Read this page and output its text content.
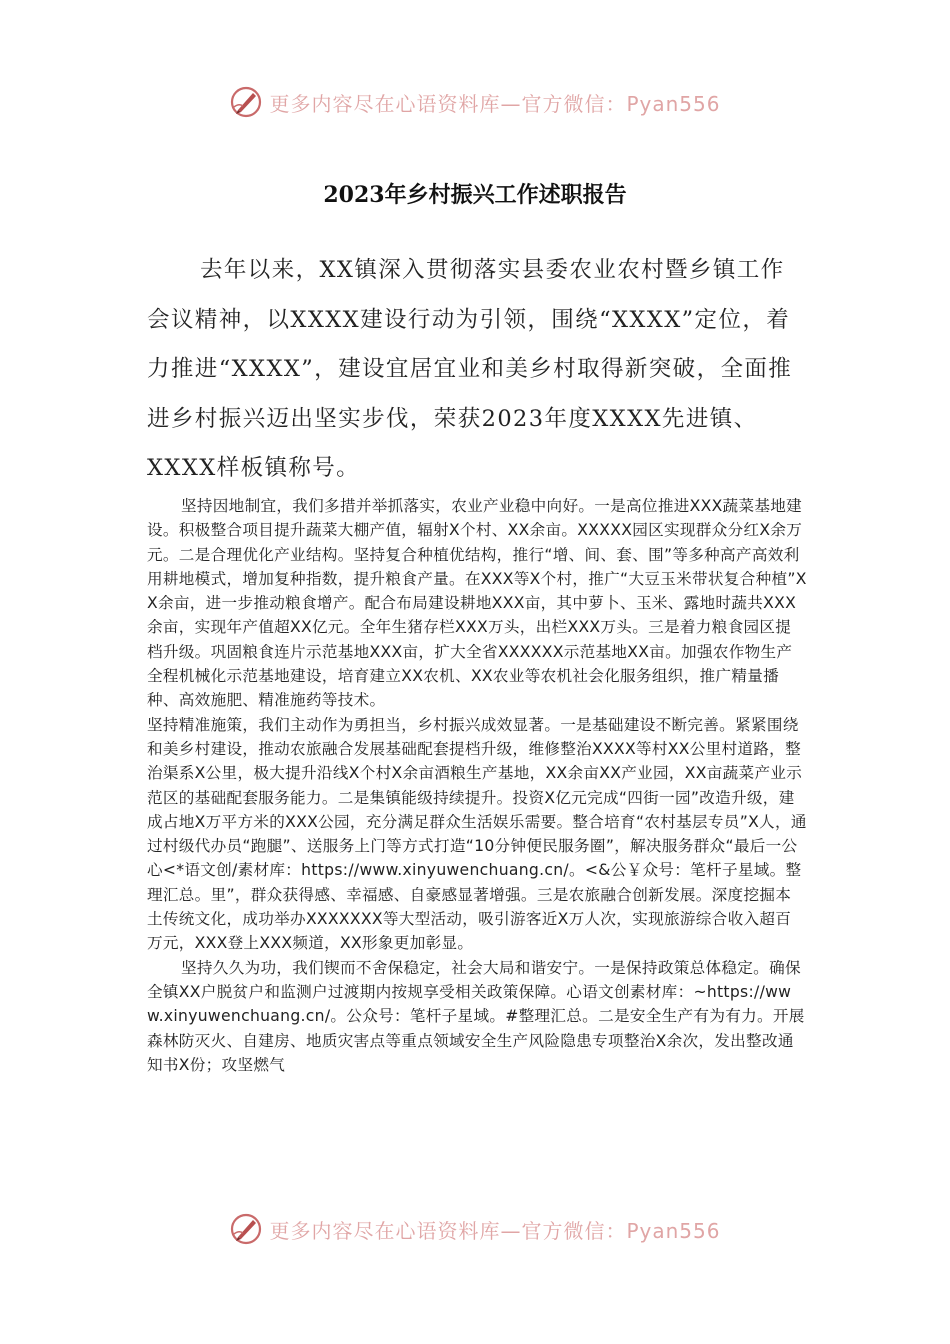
更多内容尽在心语资料库—官方微信：Pyan556
2023年乡村振兴工作述职报告

去年以来，XX镇深入贯彻落实县委农业农村暨乡镇工作会议精神，以XXXX建设行动为引领，围绕“XXXX”定位，着力推进“XXXX”，建设宜居宜业和美乡村取得新突破，全面推进乡村振兴迈出坚实步伐，荣获2023年度XXXX先进镇、XXXX样板镇称号。

坚持因地制宜，我们多措并举抓落实，农业产业稳中向好。一是高位推进XXX蔬菜基地建设。积极整合项目提升蔬菜大棚产值，辐射X个村、XX余亩。XXXXX园区实现群众分红X余万元。二是合理优化产业结构。坚持复合种植优结构，推行“增、间、套、围”等多种高产高效利用耕地模式，增加复种指数，提升粮食产量。在XXX等X个村，推广“大豆玉米带状复合种植”XX余亩，进一步推动粮食增产。配合布局建设耕地XXX亩，其中萝卜、玉米、露地时蔬共XXX余亩，实现年产值超XX亿元。全年生猪存栏XXX万头，出栏XXX万头。三是着力粮食园区提档升级。巩固粮食连片示范基地XXX亩，扩大全省XXXXXX示范基地XX亩。加强农作物生产全程机械化示范基地建设，培育建立XX农机、XX农业等农机社会化服务组织，推广精量播种、高效施肥、精准施药等技术。

坚持精准施策，我们主动作为勇担当，乡村振兴成效显著。一是基础建设不断完善。紧紧围绕和美乡村建设，推动农旅融合发展基础配套提档升级，维修整治XXXX等村XX公里村道路，整治渠系X公里，极大提升沿线X个村X余亩酒粮生产基地，XX余亩XX产业园，XX亩蔬菜产业示范区的基础配套服务能力。二是集镇能级持续提升。投资X亿元完成“四街一园”改造升级，建成占地X万平方米的XXX公园，充分满足群众生活娱乐需要。整合培育“农村基层专员”X人，通过村级代办员“跑腿”、送服务上门等方式打造“10分钟便民服务圈”，解决服务群众“最后一公心<*语文创/素材库：https://www.xinyuwenchuang.cn/。<&公￥众号：笔杆子星域。整理汇总。里”，群众获得感、幸福感、自豪感显著增强。三是农旅融合创新发展。深度挖掘本土传统文化，成功举办XXXXXXX等大型活动，吸引游客近X万人次，实现旅游综合收入超百万元，XXX登上XXX频道，XX形象更加彰显。

坚持久久为功，我们锲而不舍保稳定，社会大局和谐安宁。一是保持政策总体稳定。确保全镇XX户脱贫户和监测户过渡期内按规享受相关政策保障。心语文创素材库：~https://www.xinyuwenchuang.cn/。公众号：笔杆子星域。#整理汇总。二是安全生产有为有力。开展森林防灭火、自建房、地质灾害点等重点领域安全生产风险隐患专项整治X余次，发出整改通知书X份；攻坚燃气

更多内容尽在心语资料库—官方微信：Pyan556
